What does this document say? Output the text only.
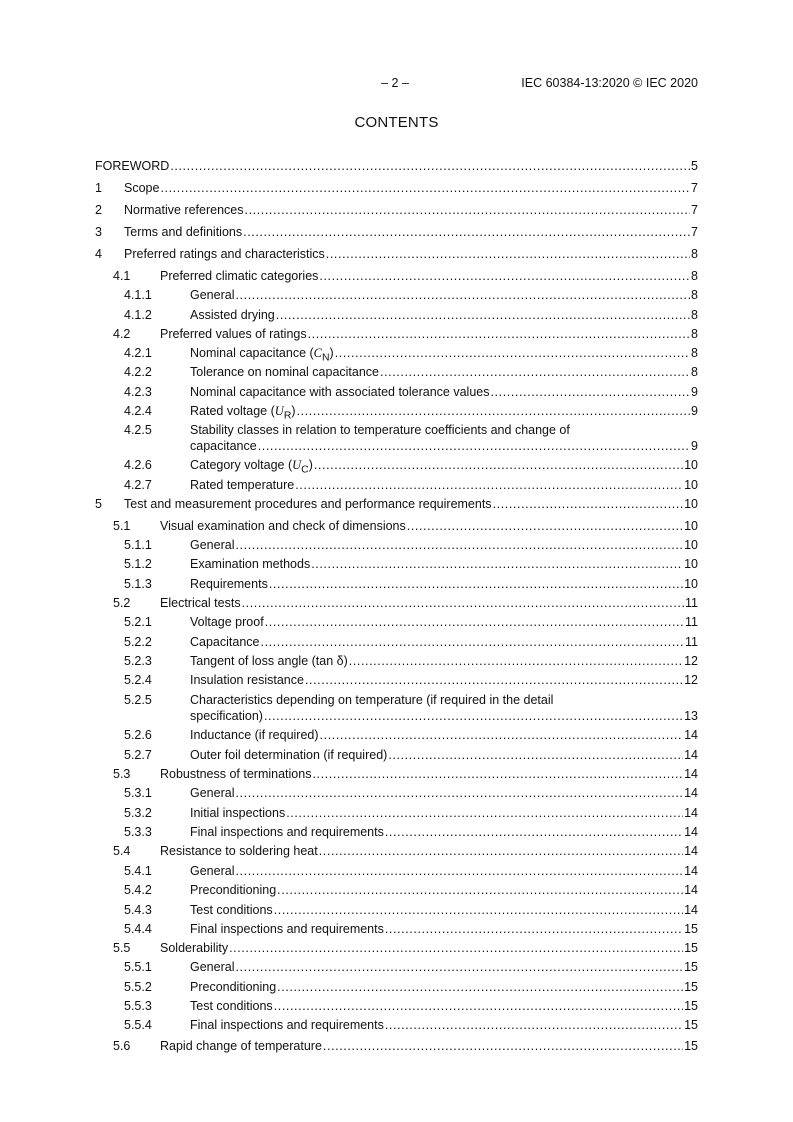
– 2 –	IEC 60384-13:2020 © IEC 2020
CONTENTS
FOREWORD .....	5
1 Scope .....	7
2 Normative references .....	7
3 Terms and definitions .....	7
4 Preferred ratings and characteristics .....	8
4.1 Preferred climatic categories .....	8
4.1.1	General .....	8
4.1.2	Assisted drying .....	8
4.2 Preferred values of ratings .....	8
4.2.1	Nominal capacitance $(C_N)$ .....	8
4.2.2	Tolerance on nominal capacitance .....	8
4.2.3	Nominal capacitance with associated tolerance values .....	9
4.2.4	Rated voltage $(U_R)$ .....	9
4.2.5	Stability classes in relation to temperature coefficients and change of
capacitance .....	9
4.2.6	Category voltage $(U_C)$ .....	10
4.2.7	Rated temperature .....	10
5 Test and measurement procedures and performance requirements .....	10
5.1 Visual examination and check of dimensions .....	10
5.1.1	General .....	10
5.1.2	Examination methods .....	10
5.1.3	Requirements .....	10
5.2 Electrical tests .....	11
5.2.1	Voltage proof .....	11
5.2.2	Capacitance .....	11
5.2.3	Tangent of loss angle (tan δ) .....	12
5.2.4	Insulation resistance .....	12
5.2.5	Characteristics depending on temperature (if required in the detail
specification) .....	13
5.2.6	Inductance (if required) .....	14
5.2.7	Outer foil determination (if required) .....	14
5.3 Robustness of terminations .....	14
5.3.1	General .....	14
5.3.2	Initial inspections .....	14
5.3.3	Final inspections and requirements .....	14
5.4 Resistance to soldering heat .....	14
5.4.1	General .....	14
5.4.2	Preconditioning .....	14
5.4.3	Test conditions .....	14
5.4.4	Final inspections and requirements .....	15
5.5 Solderability .....	15
5.5.1	General .....	15
5.5.2	Preconditioning .....	15
5.5.3	Test conditions .....	15
5.5.4	Final inspections and requirements .....	15
5.6 Rapid change of temperature .....	15
